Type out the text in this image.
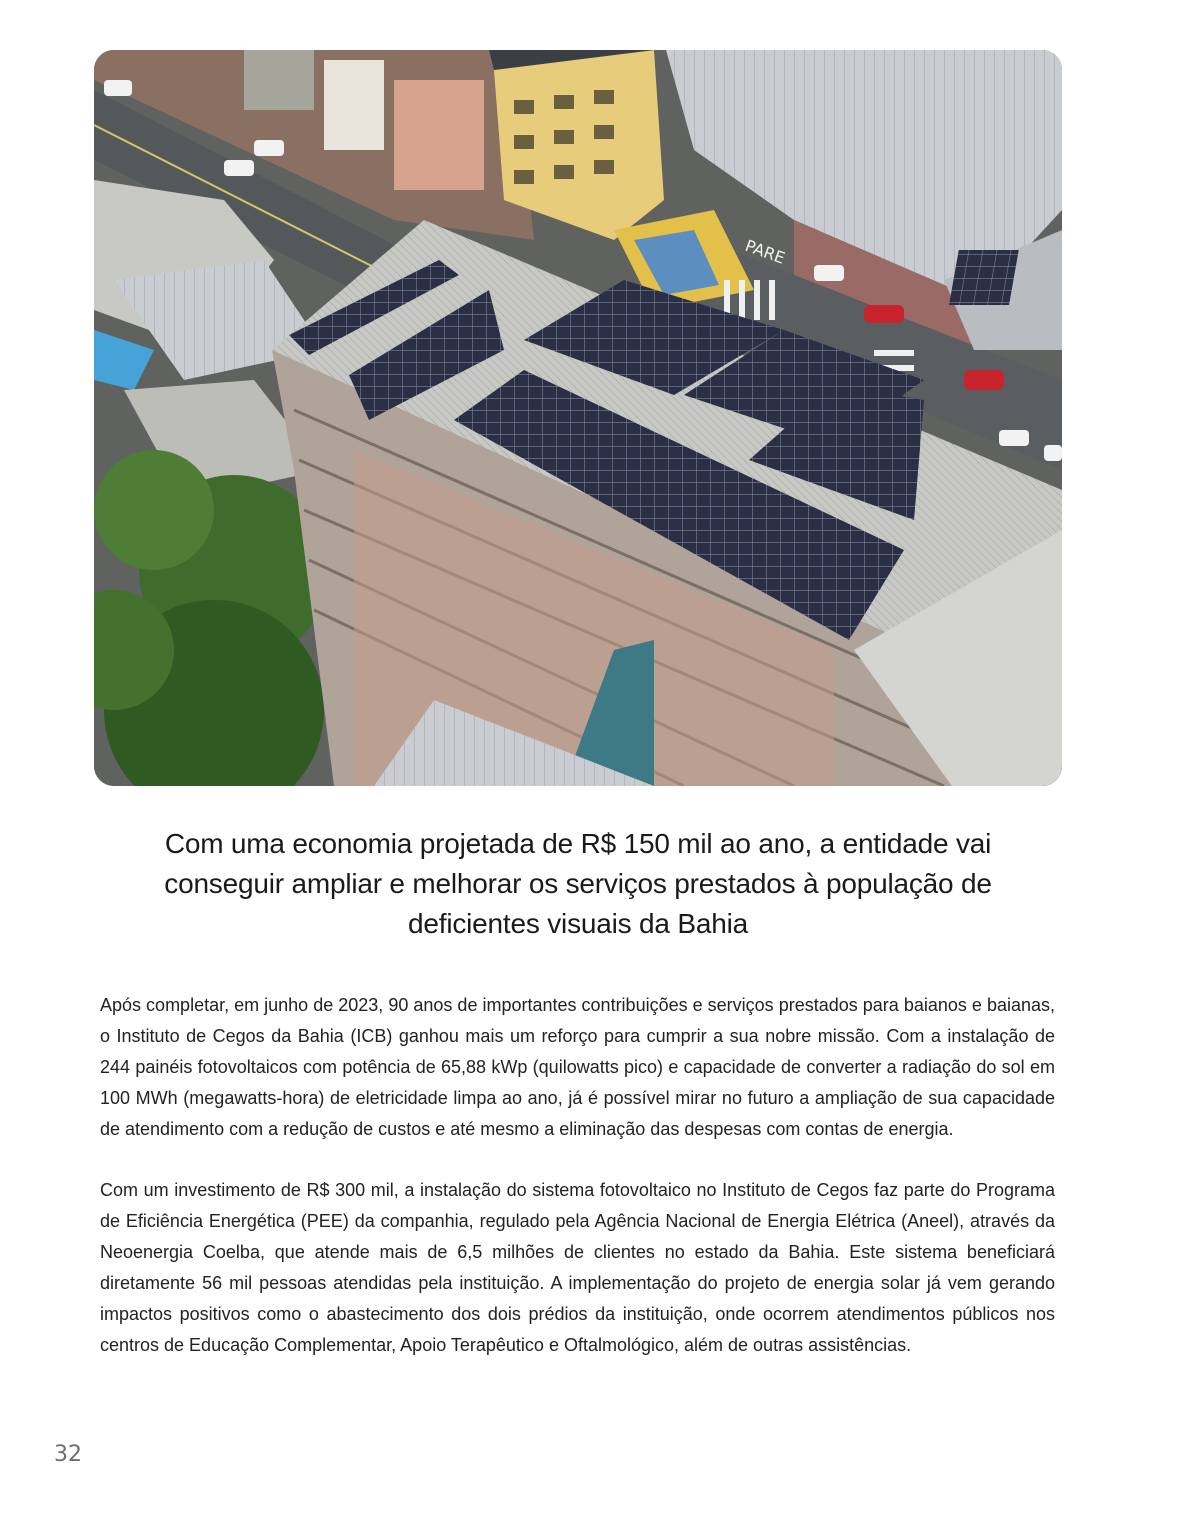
PARE

Com uma economia projetada de R$ 150 mil ao ano, a entidade vai conseguir ampliar e melhorar os serviços prestados à população de deficientes visuais da Bahia

Após completar, em junho de 2023, 90 anos de importantes contribuições e serviços prestados para baianos e baianas, o Instituto de Cegos da Bahia (ICB) ganhou mais um reforço para cumprir a sua nobre missão. Com a instalação de 244 painéis fotovoltaicos com potência de 65,88 kWp (quilowatts pico) e capacidade de converter a radiação do sol em 100 MWh (megawatts-hora) de eletricidade limpa ao ano, já é possível mirar no futuro a ampliação de sua capacidade de atendimento com a redução de custos e até mesmo a eliminação das despesas com contas de energia.

Com um investimento de R$ 300 mil, a instalação do sistema fotovoltaico no Instituto de Cegos faz parte do Programa de Eficiência Energética (PEE) da companhia, regulado pela Agência Nacional de Energia Elétrica (Aneel), através da Neoenergia Coelba, que atende mais de 6,5 milhões de clientes no estado da Bahia. Este sistema beneficiará diretamente 56 mil pessoas atendidas pela instituição. A implementação do projeto de energia solar já vem gerando impactos positivos como o abastecimento dos dois prédios da instituição, onde ocorrem atendimentos públicos nos centros de Educação Complementar, Apoio Terapêutico e Oftalmológico, além de outras assistências.

32
